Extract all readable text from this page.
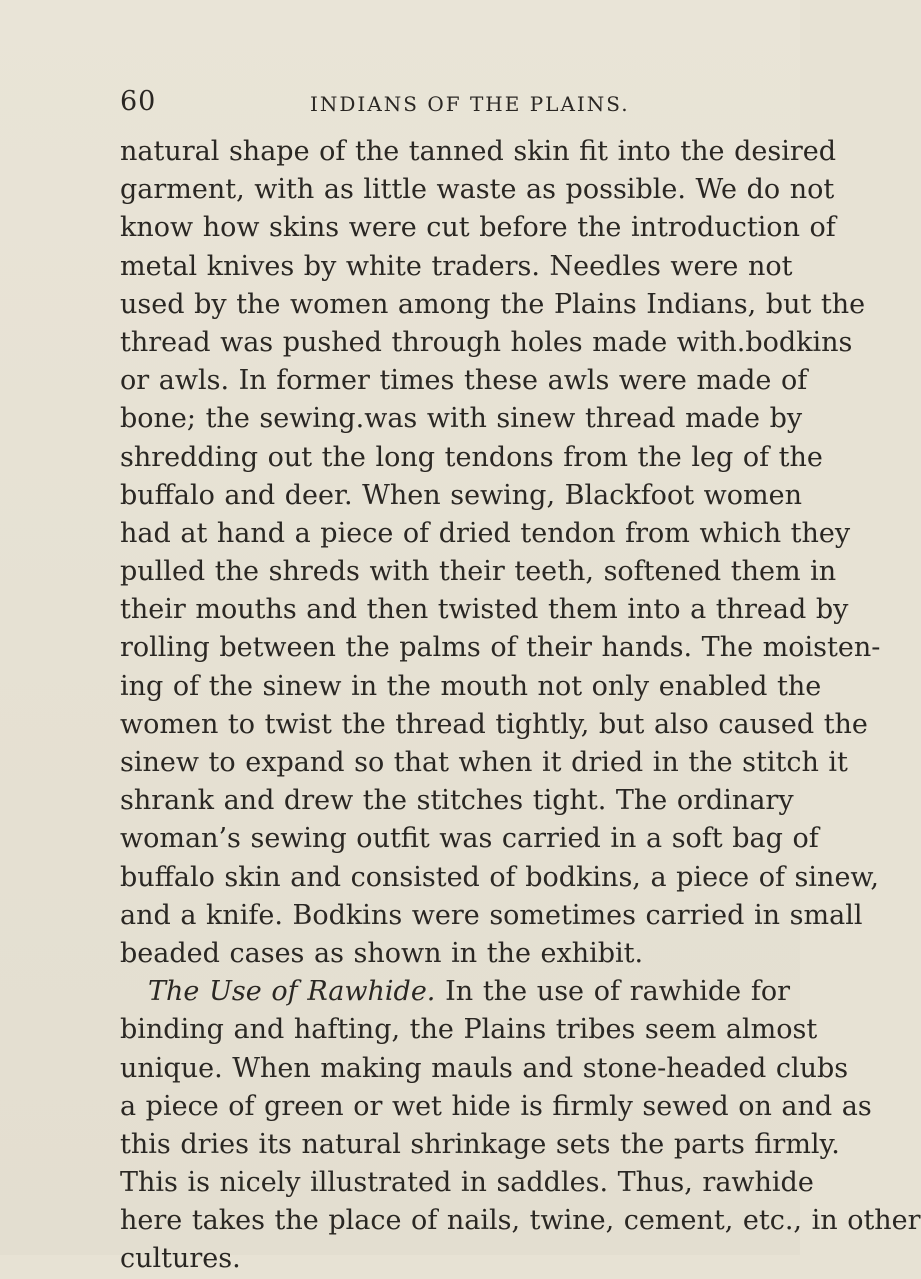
60	INDIANS OF THE PLAINS.
natural shape of the tanned skin fit into the desired
garment, with as little waste as possible. We do not
know how skins were cut before the introduction of
metal knives by white traders. Needles were not
used by the women among the Plains Indians, but the
thread was pushed through holes made with.bodkins
or awls. In former times these awls were made of
bone; the sewing.was with sinew thread made by
shredding out the long tendons from the leg of the
buffalo and deer. When sewing, Blackfoot women
had at hand a piece of dried tendon from which they
pulled the shreds with their teeth, softened them in
their mouths and then twisted them into a thread by
rolling between the palms of their hands. The moisten-
ing of the sinew in the mouth not only enabled the
women to twist the thread tightly, but also caused the
sinew to expand so that when it dried in the stitch it
shrank and drew the stitches tight. The ordinary
woman’s sewing outfit was carried in a soft bag of
buffalo skin and consisted of bodkins, a piece of sinew,
and a knife. Bodkins were sometimes carried in small
beaded cases as shown in the exhibit.
The Use of Rawhide. In the use of rawhide for
binding and hafting, the Plains tribes seem almost
unique. When making mauls and stone-headed clubs
a piece of green or wet hide is firmly sewed on and as
this dries its natural shrinkage sets the parts firmly.
This is nicely illustrated in saddles. Thus, rawhide
here takes the place of nails, twine, cement, etc., in other
cultures.
